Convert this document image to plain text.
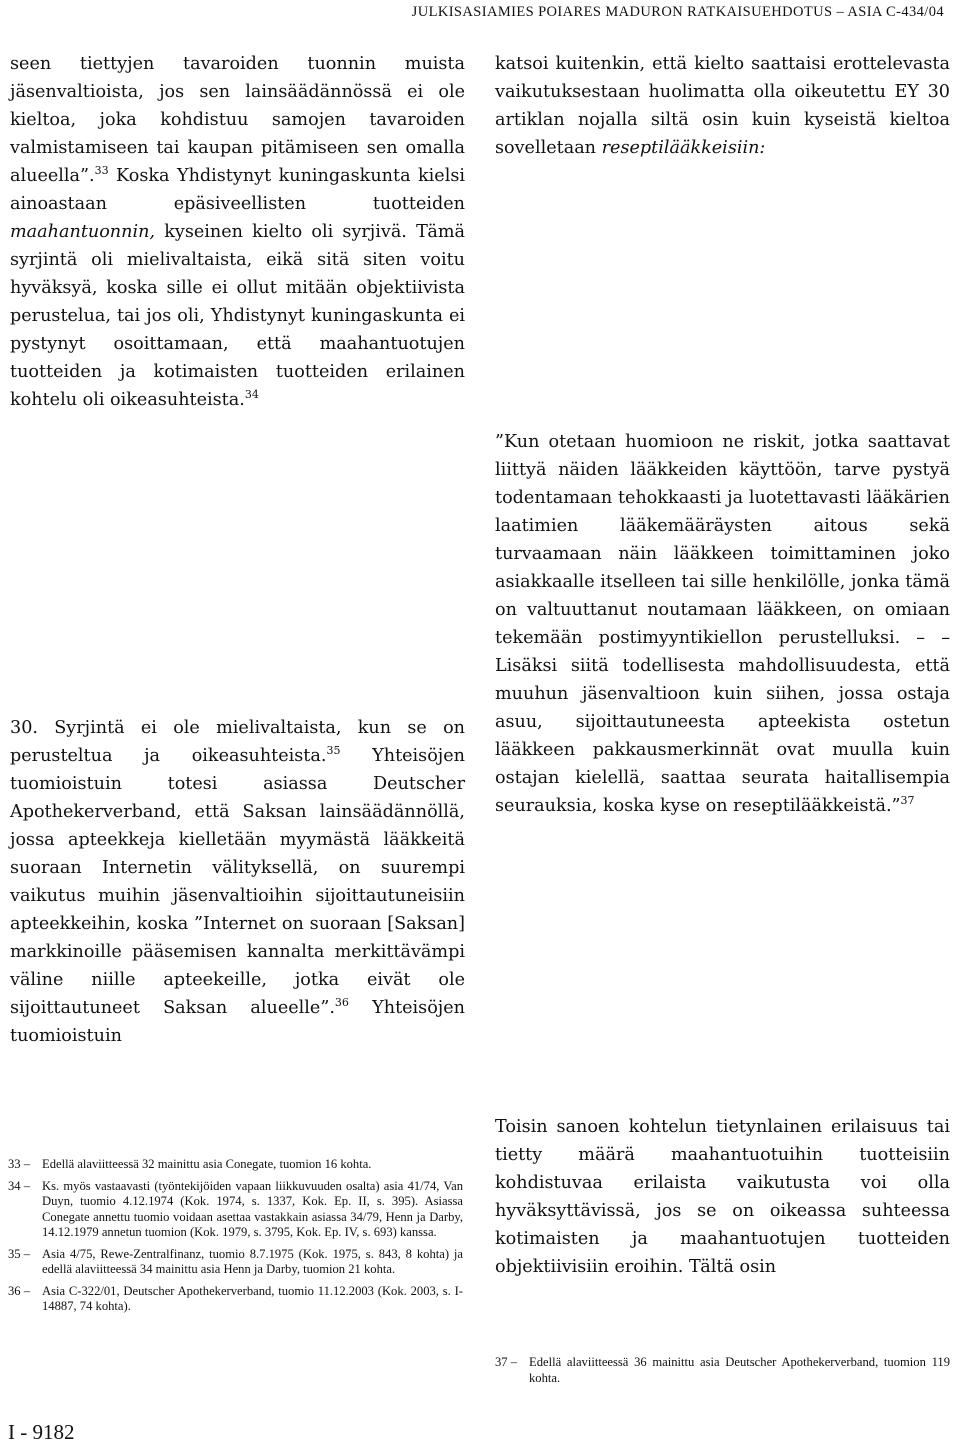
JULKISASIAMIES POIARES MADURON RATKAISUEHDOTUS – ASIA C-434/04

seen tiettyjen tavaroiden tuonnin muista jäsenvaltioista, jos sen lainsäädännössä ei ole kieltoa, joka kohdistuu samojen tavaroiden valmistamiseen tai kaupan pitämiseen sen omalla alueella”.$^{33}$ Koska Yhdistynyt kuningaskunta kielsi ainoastaan epäsiveellisten tuotteiden maahantuonnin, kyseinen kielto oli syrjivä. Tämä syrjintä oli mielivaltaista, eikä sitä siten voitu hyväksyä, koska sille ei ollut mitään objektiivista perustelua, tai jos oli, Yhdistynyt kuningaskunta ei pystynyt osoittamaan, että maahantuotujen tuotteiden ja kotimaisten tuotteiden erilainen kohtelu oli oikeasuhteista.$^{34}$

30. Syrjintä ei ole mielivaltaista, kun se on perusteltua ja oikeasuhteista.$^{35}$ Yhteisöjen tuomioistuin totesi asiassa Deutscher Apothekerverband, että Saksan lainsäädännöllä, jossa apteekkeja kielletään myymästä lääkkeitä suoraan Internetin välityksellä, on suurempi vaikutus muihin jäsenvaltioihin sijoittautuneisiin apteekkeihin, koska ”Internet on suoraan [Saksan] markkinoille pääsemisen kannalta merkittävämpi väline niille apteekeille, jotka eivät ole sijoittautuneet Saksan alueelle”.$^{36}$ Yhteisöjen tuomioistuin

katsoi kuitenkin, että kielto saattaisi erottelevasta vaikutuksestaan huolimatta olla oikeutettu EY 30 artiklan nojalla siltä osin kuin kyseistä kieltoa sovelletaan reseptilääkkeisiin:

”Kun otetaan huomioon ne riskit, jotka saattavat liittyä näiden lääkkeiden käyttöön, tarve pystyä todentamaan tehokkaasti ja luotettavasti lääkärien laatimien lääkemääräysten aitous sekä turvaamaan näin lääkkeen toimittaminen joko asiakkaalle itselleen tai sille henkilölle, jonka tämä on valtuuttanut noutamaan lääkkeen, on omiaan tekemään postimyyntikiellon perustelluksi. – – Lisäksi siitä todellisesta mahdollisuudesta, että muuhun jäsenvaltioon kuin siihen, jossa ostaja asuu, sijoittautuneesta apteekista ostetun lääkkeen pakkausmerkinnät ovat muulla kuin ostajan kielellä, saattaa seurata haitallisempia seurauksia, koska kyse on reseptilääkkeistä.”$^{37}$

Toisin sanoen kohtelun tietynlainen erilaisuus tai tietty määrä maahantuotuihin tuotteisiin kohdistuvaa erilaista vaikutusta voi olla hyväksyttävissä, jos se on oikeassa suhteessa kotimaisten ja maahantuotujen tuotteiden objektiivisiin eroihin. Tältä osin

33 – Edellä alaviitteessä 32 mainittu asia Conegate, tuomion 16 kohta.
34 – Ks. myös vastaavasti (työntekijöiden vapaan liikkuvuuden osalta) asia 41/74, Van Duyn, tuomio 4.12.1974 (Kok. 1974, s. 1337, Kok. Ep. II, s. 395). Asiassa Conegate annettu tuomio voidaan asettaa vastakkain asiassa 34/79, Henn ja Darby, 14.12.1979 annetun tuomion (Kok. 1979, s. 3795, Kok. Ep. IV, s. 693) kanssa.
35 – Asia 4/75, Rewe-Zentralfinanz, tuomio 8.7.1975 (Kok. 1975, s. 843, 8 kohta) ja edellä alaviitteessä 34 mainittu asia Henn ja Darby, tuomion 21 kohta.
36 – Asia C-322/01, Deutscher Apothekerverband, tuomio 11.12.2003 (Kok. 2003, s. I-14887, 74 kohta).
37 – Edellä alaviitteessä 36 mainittu asia Deutscher Apothekerverband, tuomion 119 kohta.
I - 9182
